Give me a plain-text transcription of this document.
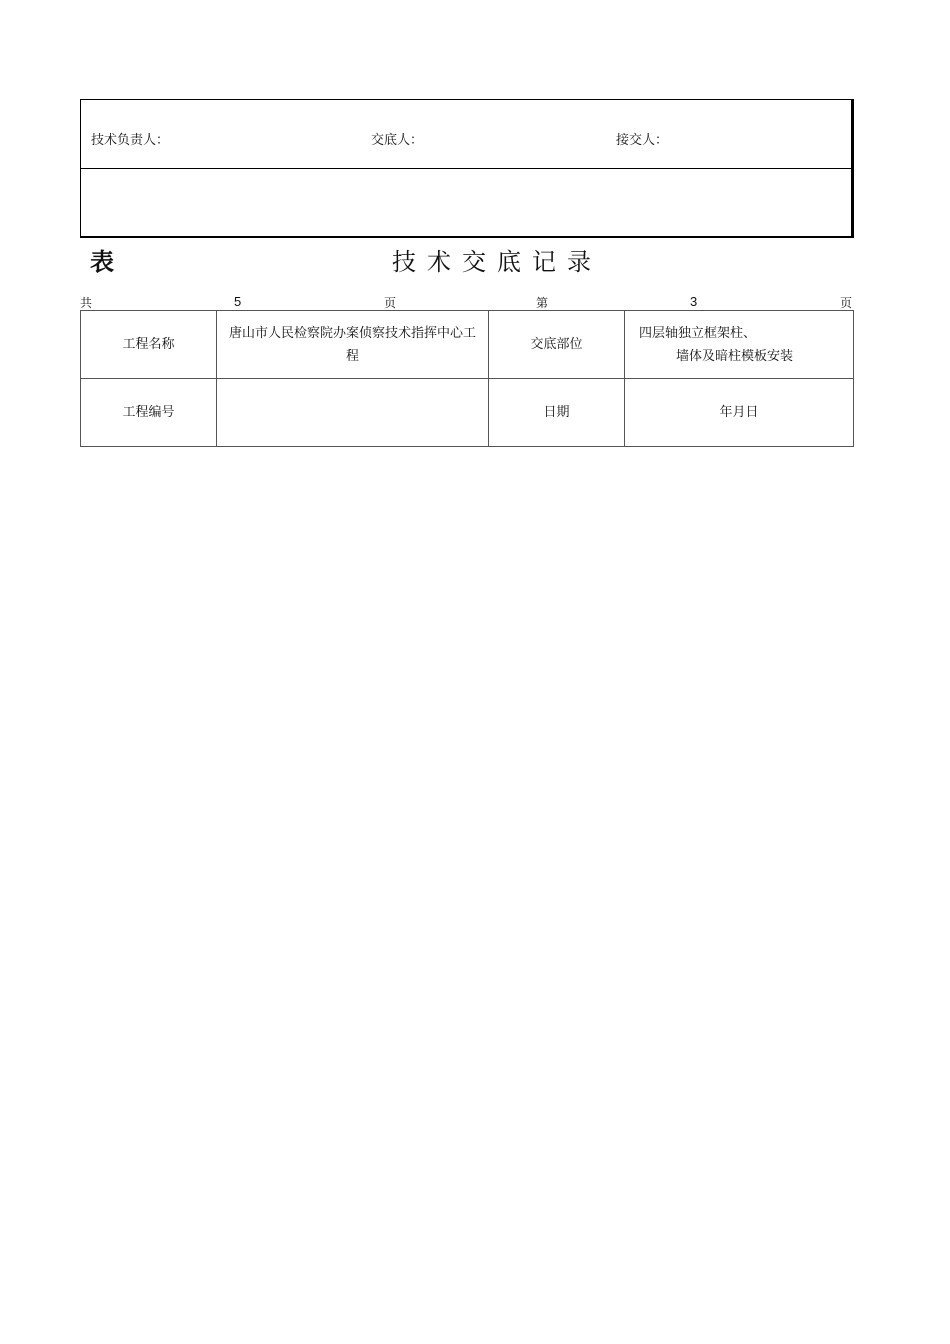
技术负责人：	交底人：	接交人：
表	技术交底记录
共	5	页	第	3	页
工程名称	唐山市人民检察院办案侦察技术指挥中心工程	交底部位	四层轴独立框架柱、
墙体及暗柱模板安装

工程编号		日期	年月日
